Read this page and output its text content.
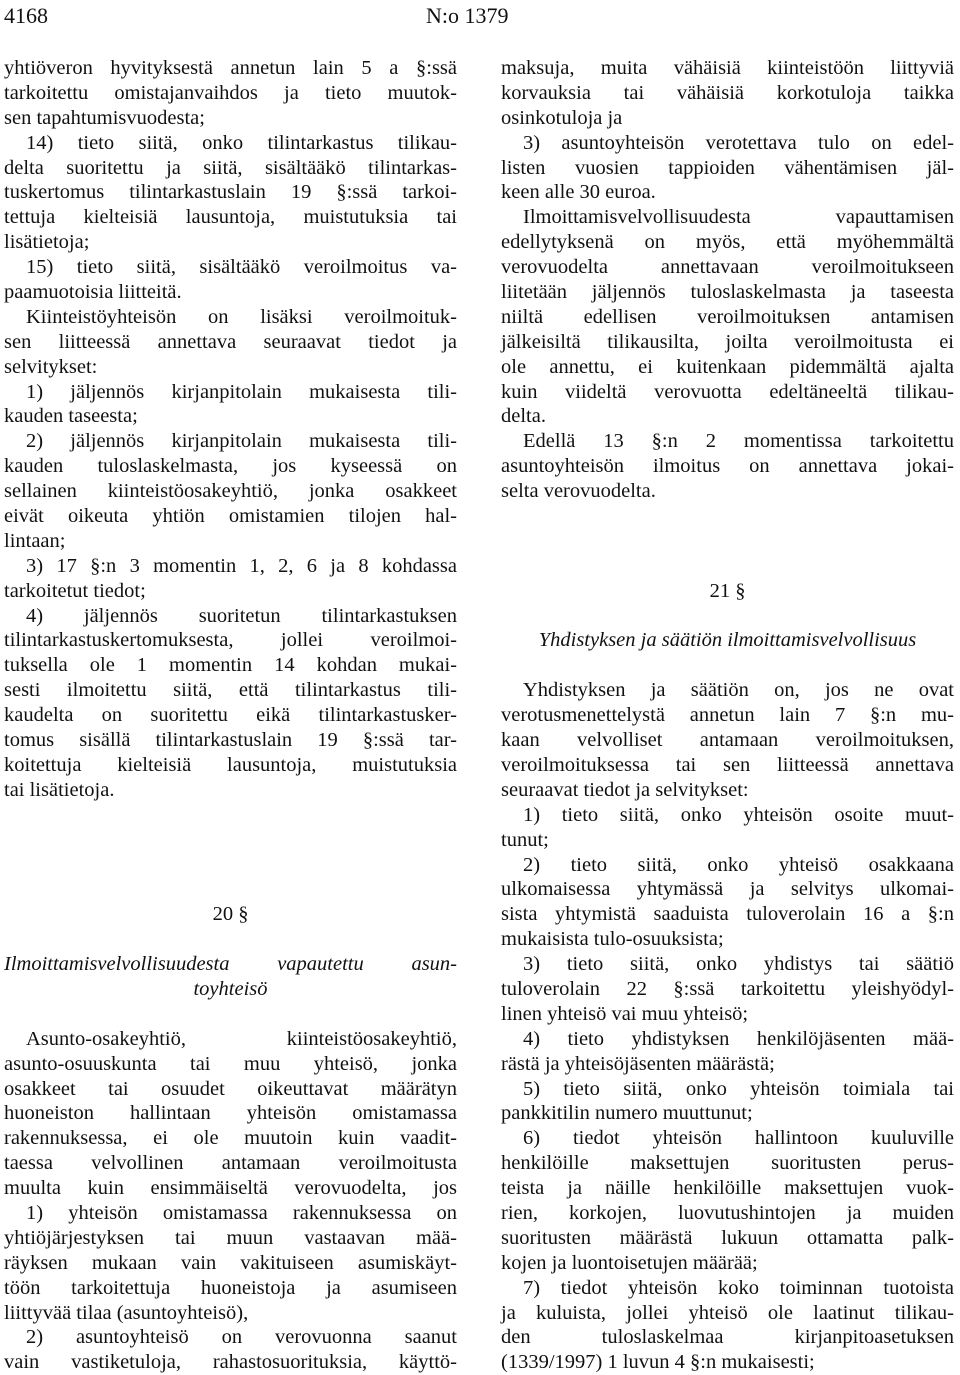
4168	N:o 1379
yhtiöveron hyvityksestä annetun lain 5 a §:ssä
tarkoitettu omistajanvaihdos ja tieto muutok-
sen tapahtumisvuodesta;
14) tieto siitä, onko tilintarkastus tilikau-
delta suoritettu ja siitä, sisältääkö tilintarkas-
tuskertomus tilintarkastuslain 19 §:ssä tarkoi-
tettuja kielteisiä lausuntoja, muistutuksia tai
lisätietoja;
15) tieto siitä, sisältääkö veroilmoitus va-
paamuotoisia liitteitä.
Kiinteistöyhteisön on lisäksi veroilmoituk-
sen liitteessä annettava seuraavat tiedot ja
selvitykset:
1) jäljennös kirjanpitolain mukaisesta tili-
kauden taseesta;
2) jäljennös kirjanpitolain mukaisesta tili-
kauden tuloslaskelmasta, jos kyseessä on
sellainen kiinteistöosakeyhtiö, jonka osakkeet
eivät oikeuta yhtiön omistamien tilojen hal-
lintaan;
3) 17 §:n 3 momentin 1, 2, 6 ja 8 kohdassa
tarkoitetut tiedot;
4) jäljennös suoritetun tilintarkastuksen
tilintarkastuskertomuksesta, jollei veroilmoi-
tuksella ole 1 momentin 14 kohdan mukai-
sesti ilmoitettu siitä, että tilintarkastus tili-
kaudelta on suoritettu eikä tilintarkastusker-
tomus sisällä tilintarkastuslain 19 §:ssä tar-
koitettuja kielteisiä lausuntoja, muistutuksia
tai lisätietoja.
20 §
Ilmoittamisvelvollisuudesta vapautettu asun-
toyhteisö
Asunto-osakeyhtiö, kiinteistöosakeyhtiö,
asunto-osuuskunta tai muu yhteisö, jonka
osakkeet tai osuudet oikeuttavat määrätyn
huoneiston hallintaan yhteisön omistamassa
rakennuksessa, ei ole muutoin kuin vaadit-
taessa velvollinen antamaan veroilmoitusta
muulta kuin ensimmäiseltä verovuodelta, jos
1) yhteisön omistamassa rakennuksessa on
yhtiöjärjestyksen tai muun vastaavan mää-
räyksen mukaan vain vakituiseen asumiskäyt-
töön tarkoitettuja huoneistoja ja asumiseen
liittyvää tilaa (asuntoyhteisö),
2) asuntoyhteisö on verovuonna saanut
vain vastiketuloja, rahastosuorituksia, käyttö-
maksuja, muita vähäisiä kiinteistöön liittyviä
korvauksia tai vähäisiä korkotuloja taikka
osinkotuloja ja
3) asuntoyhteisön verotettava tulo on edel-
listen vuosien tappioiden vähentämisen jäl-
keen alle 30 euroa.
Ilmoittamisvelvollisuudesta vapauttamisen
edellytyksenä on myös, että myöhemmältä
verovuodelta annettavaan veroilmoitukseen
liitetään jäljennös tuloslaskelmasta ja taseesta
niiltä edellisen veroilmoituksen antamisen
jälkeisiltä tilikausilta, joilta veroilmoitusta ei
ole annettu, ei kuitenkaan pidemmältä ajalta
kuin viideltä verovuotta edeltäneeltä tilikau-
delta.
Edellä 13 §:n 2 momentissa tarkoitettu
asuntoyhteisön ilmoitus on annettava jokai-
selta verovuodelta.
21 §
Yhdistyksen ja säätiön ilmoittamisvelvollisuus
Yhdistyksen ja säätiön on, jos ne ovat
verotusmenettelystä annetun lain 7 §:n mu-
kaan velvolliset antamaan veroilmoituksen,
veroilmoituksessa tai sen liitteessä annettava
seuraavat tiedot ja selvitykset:
1) tieto siitä, onko yhteisön osoite muut-
tunut;
2) tieto siitä, onko yhteisö osakkaana
ulkomaisessa yhtymässä ja selvitys ulkomai-
sista yhtymistä saaduista tuloverolain 16 a §:n
mukaisista tulo-osuuksista;
3) tieto siitä, onko yhdistys tai säätiö
tuloverolain 22 §:ssä tarkoitettu yleishyödyl-
linen yhteisö vai muu yhteisö;
4) tieto yhdistyksen henkilöjäsenten mää-
rästä ja yhteisöjäsenten määrästä;
5) tieto siitä, onko yhteisön toimiala tai
pankkitilin numero muuttunut;
6) tiedot yhteisön hallintoon kuuluville
henkilöille maksettujen suoritusten perus-
teista ja näille henkilöille maksettujen vuok-
rien, korkojen, luovutushintojen ja muiden
suoritusten määrästä lukuun ottamatta palk-
kojen ja luontoisetujen määrää;
7) tiedot yhteisön koko toiminnan tuotoista
ja kuluista, jollei yhteisö ole laatinut tilikau-
den tuloslaskelmaa kirjanpitoasetuksen
(1339/1997) 1 luvun 4 §:n mukaisesti;
